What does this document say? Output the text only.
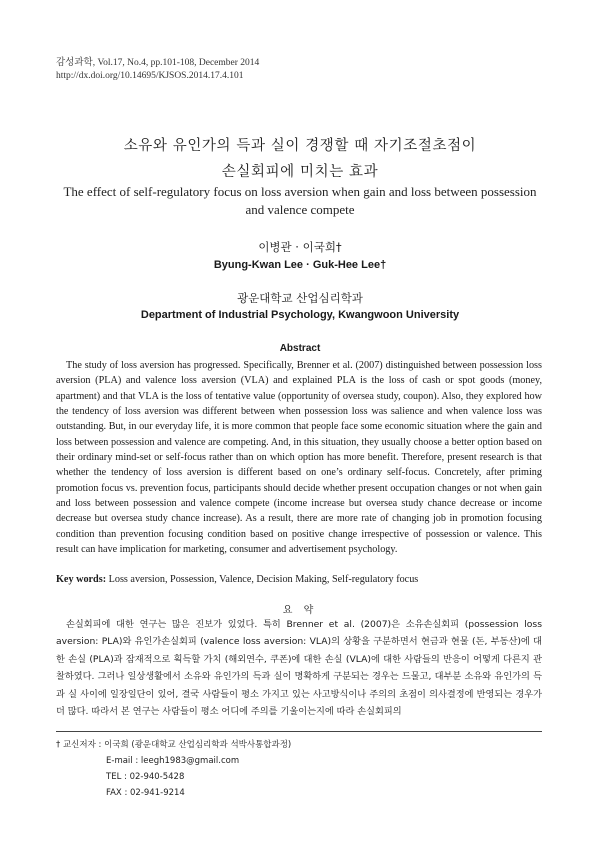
감성과학, Vol.17, No.4, pp.101-108, December 2014
http://dx.doi.org/10.14695/KJSOS.2014.17.4.101
소유와 유인가의 득과 실이 경쟁할 때 자기조절초점이
손실회피에 미치는 효과
The effect of self-regulatory focus on loss aversion when gain and loss between possession and valence compete
이병관 · 이국희†
Byung-Kwan Lee · Guk-Hee Lee†
광운대학교 산업심리학과
Department of Industrial Psychology, Kwangwoon University
Abstract

The study of loss aversion has progressed. Specifically, Brenner et al. (2007) distinguished between possession loss aversion (PLA) and valence loss aversion (VLA) and explained PLA is the loss of cash or spot goods (money, apartment) and that VLA is the loss of tentative value (opportunity of oversea study, coupon). Also, they explored how the tendency of loss aversion was different between when possession loss was salience and when valence loss was outstanding. But, in our everyday life, it is more common that people face some economic situation where the gain and loss between possession and valence are competing. And, in this situation, they usually choose a better option based on their ordinary mind-set or self-focus rather than on which option has more benefit. Therefore, present research is that whether the tendency of loss aversion is different based on one’s ordinary self-focus. Concretely, after priming promotion focus vs. prevention focus, participants should decide whether present occupation changes or not when gain and loss between possession and valence compete (income increase but oversea study chance decrease or income decrease but oversea study chance increase). As a result, there are more rate of changing job in promotion focusing condition than prevention focusing condition based on positive change irrespective of possession or valence. This result can have implication for marketing, consumer and advertisement psychology.

Key words: Loss aversion, Possession, Valence, Decision Making, Self-regulatory focus
요 약

손실회피에 대한 연구는 많은 진보가 있었다. 특히 Brenner et al. (2007)은 소유손실회피 (possession loss aversion: PLA)와 유인가손실회피 (valence loss aversion: VLA)의 상황을 구분하면서 현금과 현물 (돈, 부동산)에 대한 손실 (PLA)과 잠재적으로 획득할 가치 (해외연수, 쿠폰)에 대한 손실 (VLA)에 대한 사람들의 반응이 어떻게 다른지 관찰하였다. 그러나 일상생활에서 소유와 유인가의 득과 실이 명확하게 구분되는 경우는 드물고, 대부분 소유와 유인가의 득과 실 사이에 일장일단이 있어, 결국 사람들이 평소 가지고 있는 사고방식이나 주의의 초점이 의사결정에 반영되는 경우가 더 많다. 따라서 본 연구는 사람들이 평소 어디에 주의를 기울이는지에 따라 손실회피의

† 교신저자 : 이국희 (광운대학교 산업심리학과 석박사통합과정)
E-mail : leegh1983@gmail.com
TEL : 02-940-5428
FAX : 02-941-9214
